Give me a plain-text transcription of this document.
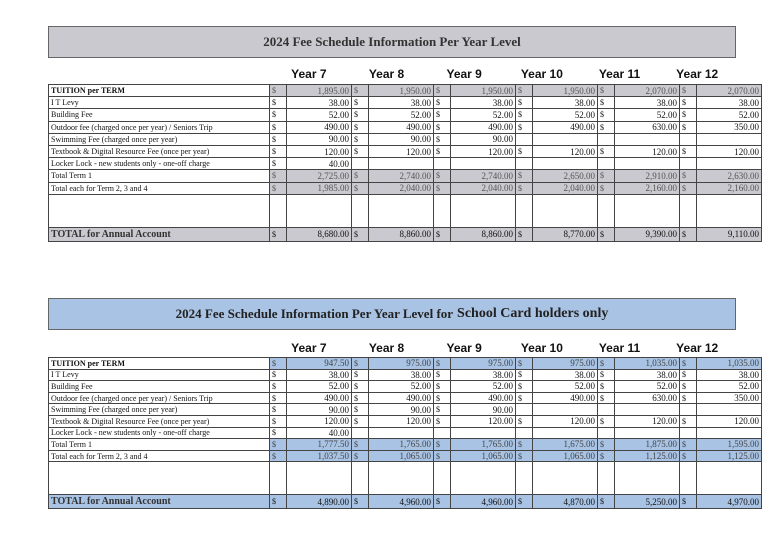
2024 Fee Schedule Information Per Year Level
Year 7	Year 8	Year 9	Year 10	Year 11	Year 12
TUITION per TERM	$	1,895.00	$	1,950.00	$	1,950.00	$	1,950.00	$	2,070.00	$	2,070.00
I T Levy	$	38.00	$	38.00	$	38.00	$	38.00	$	38.00	$	38.00
Building Fee	$	52.00	$	52.00	$	52.00	$	52.00	$	52.00	$	52.00
Outdoor fee (charged once per year) / Seniors Trip	$	490.00	$	490.00	$	490.00	$	490.00	$	630.00	$	350.00
Swimming Fee (charged once per year)	$	90.00	$	90.00	$	90.00						
Textbook & Digital Resource Fee (once per year)	$	120.00	$	120.00	$	120.00	$	120.00	$	120.00	$	120.00
Locker Lock - new students only - one-off charge	$	40.00										
Total Term 1	$	2,725.00	$	2,740.00	$	2,740.00	$	2,650.00	$	2,910.00	$	2,630.00
Total each for Term 2, 3 and 4	$	1,985.00	$	2,040.00	$	2,040.00	$	2,040.00	$	2,160.00	$	2,160.00

TOTAL for Annual Account	$	8,680.00	$	8,860.00	$	8,860.00	$	8,770.00	$	9,390.00	$	9,110.00
2024 Fee Schedule Information Per Year Level for School Card holders only
Year 7	Year 8	Year 9	Year 10	Year 11	Year 12
TUITION per TERM	$	947.50	$	975.00	$	975.00	$	975.00	$	1,035.00	$	1,035.00
I T Levy	$	38.00	$	38.00	$	38.00	$	38.00	$	38.00	$	38.00
Building Fee	$	52.00	$	52.00	$	52.00	$	52.00	$	52.00	$	52.00
Outdoor fee (charged once per year) / Seniors Trip	$	490.00	$	490.00	$	490.00	$	490.00	$	630.00	$	350.00
Swimming Fee (charged once per year)	$	90.00	$	90.00	$	90.00						
Textbook & Digital Resource Fee (once per year)	$	120.00	$	120.00	$	120.00	$	120.00	$	120.00	$	120.00
Locker Lock - new students only - one-off charge	$	40.00										
Total Term 1	$	1,777.50	$	1,765.00	$	1,765.00	$	1,675.00	$	1,875.00	$	1,595.00
Total each for Term 2, 3 and 4	$	1,037.50	$	1,065.00	$	1,065.00	$	1,065.00	$	1,125.00	$	1,125.00

TOTAL for Annual Account	$	4,890.00	$	4,960.00	$	4,960.00	$	4,870.00	$	5,250.00	$	4,970.00
